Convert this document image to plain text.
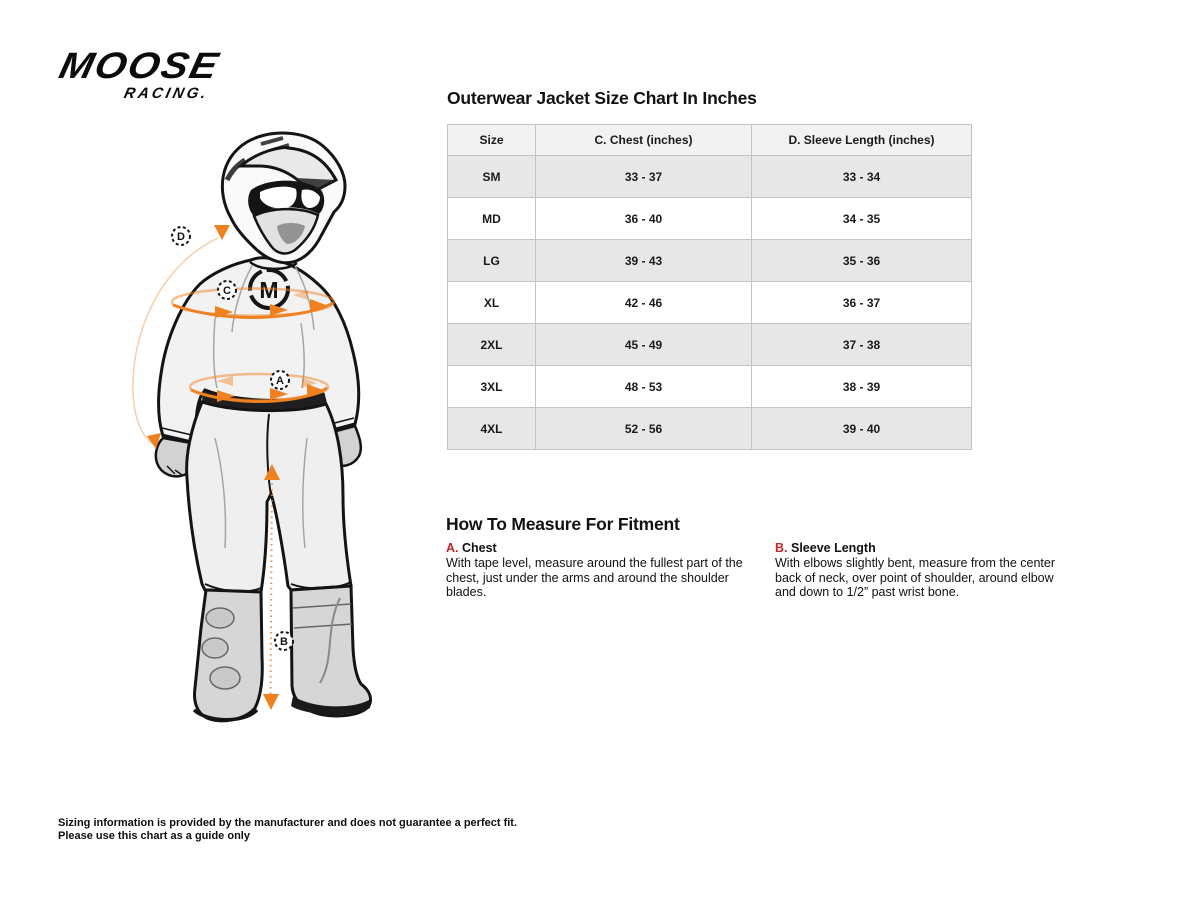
MOOSE
RACING.
M
D
C
A
B
Outerwear Jacket Size Chart In Inches
Size	C. Chest (inches)	D. Sleeve Length (inches)
SM	33 - 37	33 - 34
MD	36 - 40	34 - 35
LG	39 - 43	35 - 36
XL	42 - 46	36 - 37
2XL	45 - 49	37 - 38
3XL	48 - 53	38 - 39
4XL	52 - 56	39 - 40
How To Measure For Fitment
A. Chest
With tape level, measure around the fullest part of the chest, just under the arms and around the shoulder blades.
B. Sleeve Length
With elbows slightly bent, measure from the center back of neck, over point of shoulder, around elbow and down to 1/2” past wrist bone.
Sizing information is provided by the manufacturer and does not guarantee a perfect fit.
Please use this chart as a guide only
